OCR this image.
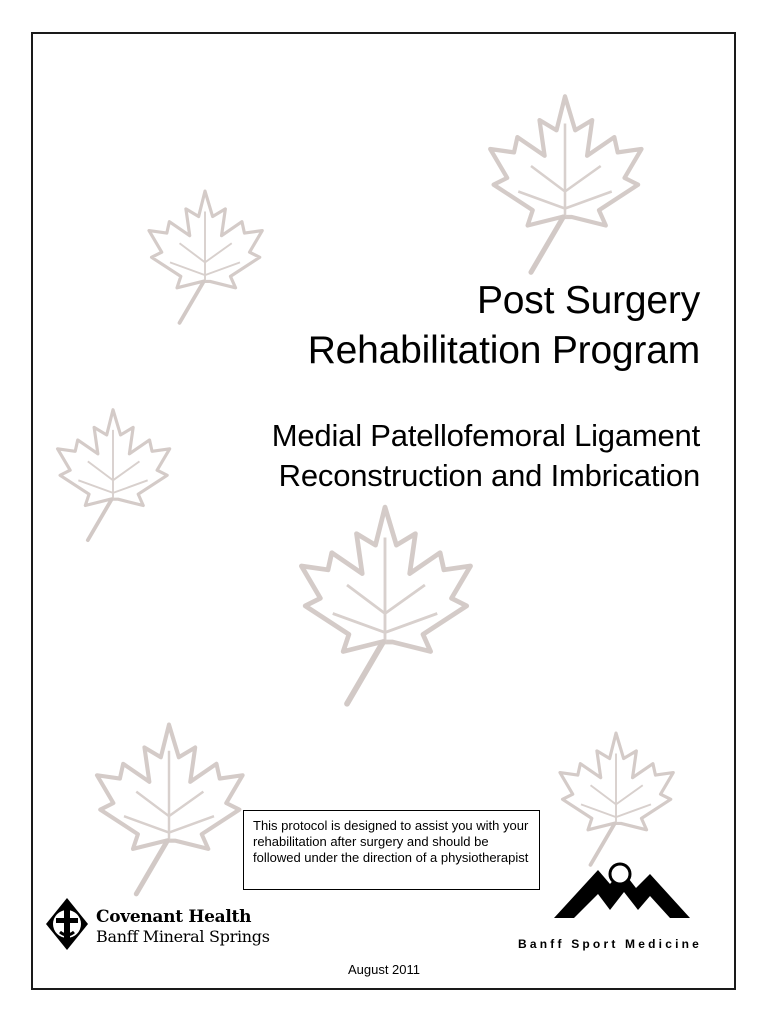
Post Surgery
Rehabilitation Program
Medial Patellofemoral Ligament
Reconstruction and Imbrication
This protocol is designed to assist you with your rehabilitation after surgery and should be followed under the direction of a physiotherapist
Covenant Health
Banff Mineral Springs	Banff Sport Medicine
August 2011
